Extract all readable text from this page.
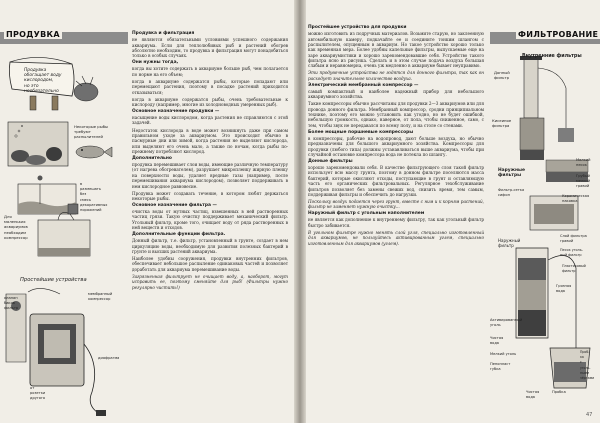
ПРОДУВКА
Продувка
обогащает воду
кислородом,
но это
необязательно
Некоторые рыбы
требуют
распылителей
в
размешать
без
смесь
декоративных
поражений
Для
маленьких
аквариумов
необходим
компрессор
Простейшие устройства
клапан
баков
фильтр
мембранный
компрессор
диафрагма
от
розетки
другого
Продувка и фильтрация

не являются обязательными условиями успешного содержания аквариума. Если для теплолюбивых рыб и растений обогрев абсолютно необходим, то продувка и фильтрация могут понадобиться только в особых случаях.

Они нужны тогда,

когда вы хотите содержать в аквариуме больше рыб, чем полагается по норме на его объем;

когда в аквариуме содержатся рыбы, которые попадают или перемещают растения, поэтому в посадке растений приходится отказываться;

когда в аквариуме содержатся рыбы, очень требовательные к кислороду (например, многие из холодноводных умеренных рыб).

Основное назначение продувки —

насыщение воды кислородом, когда растения не справляются с этой задачей.

Недостаток кислорода в воде может возникнуть даже при самом правильном уходе за аквариумом. Это происходит обычно в пасмурные дни или зимой, когда растения не выделяют кислорода, или выделяют его очень мало, а также по ночам, когда рыбы по-прежнему потребляют кислород.

Дополнительно

продувка перемешивает слои воды, имеющие различную температуру (от нагрева обогревателем), разрушает микропленку жирную пленку на поверхности воды, удаляет вредные газы (например, после перемешивания аквариума кислородом), позволяет поддерживать в нем кислородное равновесие.

Продувка может создавать течение, в котором любят держаться некоторые рыбы.

Основное назначение фильтра —

очистка воды от мутных частиц, взвешенных в ней растворенных частиц грязи. Такую очистку поддерживает механический фильтр. Угольный фильтр, кроме того, очищает воду от ряда растворенных в ней веществ и отходов.

Дополнительные функции фильтра.

Донный фильтр, т.е. фильтр, установленный в грунте, создает в нем циркуляцию воды, необходимую для развития полезных бактерий в грунте и высших растений аквариума.

Наиболее удобны сооружения, продувки внутренних фильтров, обеспечивает небольшое распыление одинаковых частей и позволяет доработать для аквариума перемешивание воды.

Загрязненная фильтрует не очищает воду, а, наоборот, могут исправить ее, поэтому сменяйте для рыб! (Фильтры нужно регулярно чистить!)

ФИЛЬТРОВАНИЕ
Простейшее устройство для продувки

можно изготовить из подручных материалов. Возьмите старую, но заклеенную автомобильную камеру, подкачайте ее и соедините тонким шлангом с распылителем, опущенным в аквариум. Но такое устройство хорошо только как временная мера. Более удобны капельные фильтры, выпускаемые еще на заре аквариумистики и хорошо зарекомендовавшие себя. Устройство такого фильтра ясно из рисунка. Сделать и в этом случае подача воздуха большая слабым и неравномерна, очень уж медленно в аквариуме бывает неуправимо.

Эти продувочные устройства не годятся для донного фильтра, так как он расходует значительное количество воздуха.

Электрический мембранный компрессор —

самый компактный и наиболее надежный прибор для небольшого аквариумного хозяйства.

Такие компрессоры обычно рассчитаны для продувки 2—3 аквариумов или для провода донного фильтра. Мембранный компрессор, сродни принципиальном технике, поэтому его можно установить как угодно, но не будет ошибкой, небольшую громкость, однако, наверное, от пола, чтобы сниженное, само, с тем, чтобы звук не передавался по всему полу, и на столе со стенами.

Более мощные поршневые компрессоры

в компрессоры, рабочие на водопровод, дают больше воздуха, но обычно предназначены для большого аквариумного хозяйства. Компрессоры для продувки (любого типа) должны устанавливаться выше аквариума, чтобы при случайной остановке компрессора вода не потекла по шлангу.

Донные фильтры

хорошо зарекомендовали себя. В качестве фильтрующего слоя такой фильтр использует всю массу грунта, поэтому в донном фильтре поселяются масса бактерий, которые окисляют отходы, поступающие в грунт и оставляющую часть его органических фильтровальных. Регулярное техобслуживание фильтров позволяет без замены свежих вод, снизить время, тем самым, поддерживая фильтры и обеспечить до нагрузки.

Поскольку воздух подается через грунт, вместе с ним и к корням растений, фильтр не заменяет нужную очистку...

Наружный фильтр с угольным наполнителем

не является как дополнение к внутреннему фильтру, так как угольный фильтр быстро забивается.

В угольном фильтре нужно менять слой угля, специально изготовленный для аквариумов, не пользуйтесь активированным углем, специально изготовленным для аквариумов (углем).

Внутренние фильтры
Донный
фильтр
Кисеиное
фильтра
Мелкий
песок
Грубый
мелкий
гравий
Наружные
фильтры
Фильтр-сетка
сифон	Керамическая
паковка
Слой фильтра
гравий
Наружный
фильтр
Песок уголь-
ный фильтр
Пластиковый
фильтр
Грязная
вода
Активированный
уголь
Чистая
вода
Мелкий уголь
Пенопласт
губка
Пробка
Чистая
вода
Проб-
ка
с
уголь-
ными
зёрнами
47
